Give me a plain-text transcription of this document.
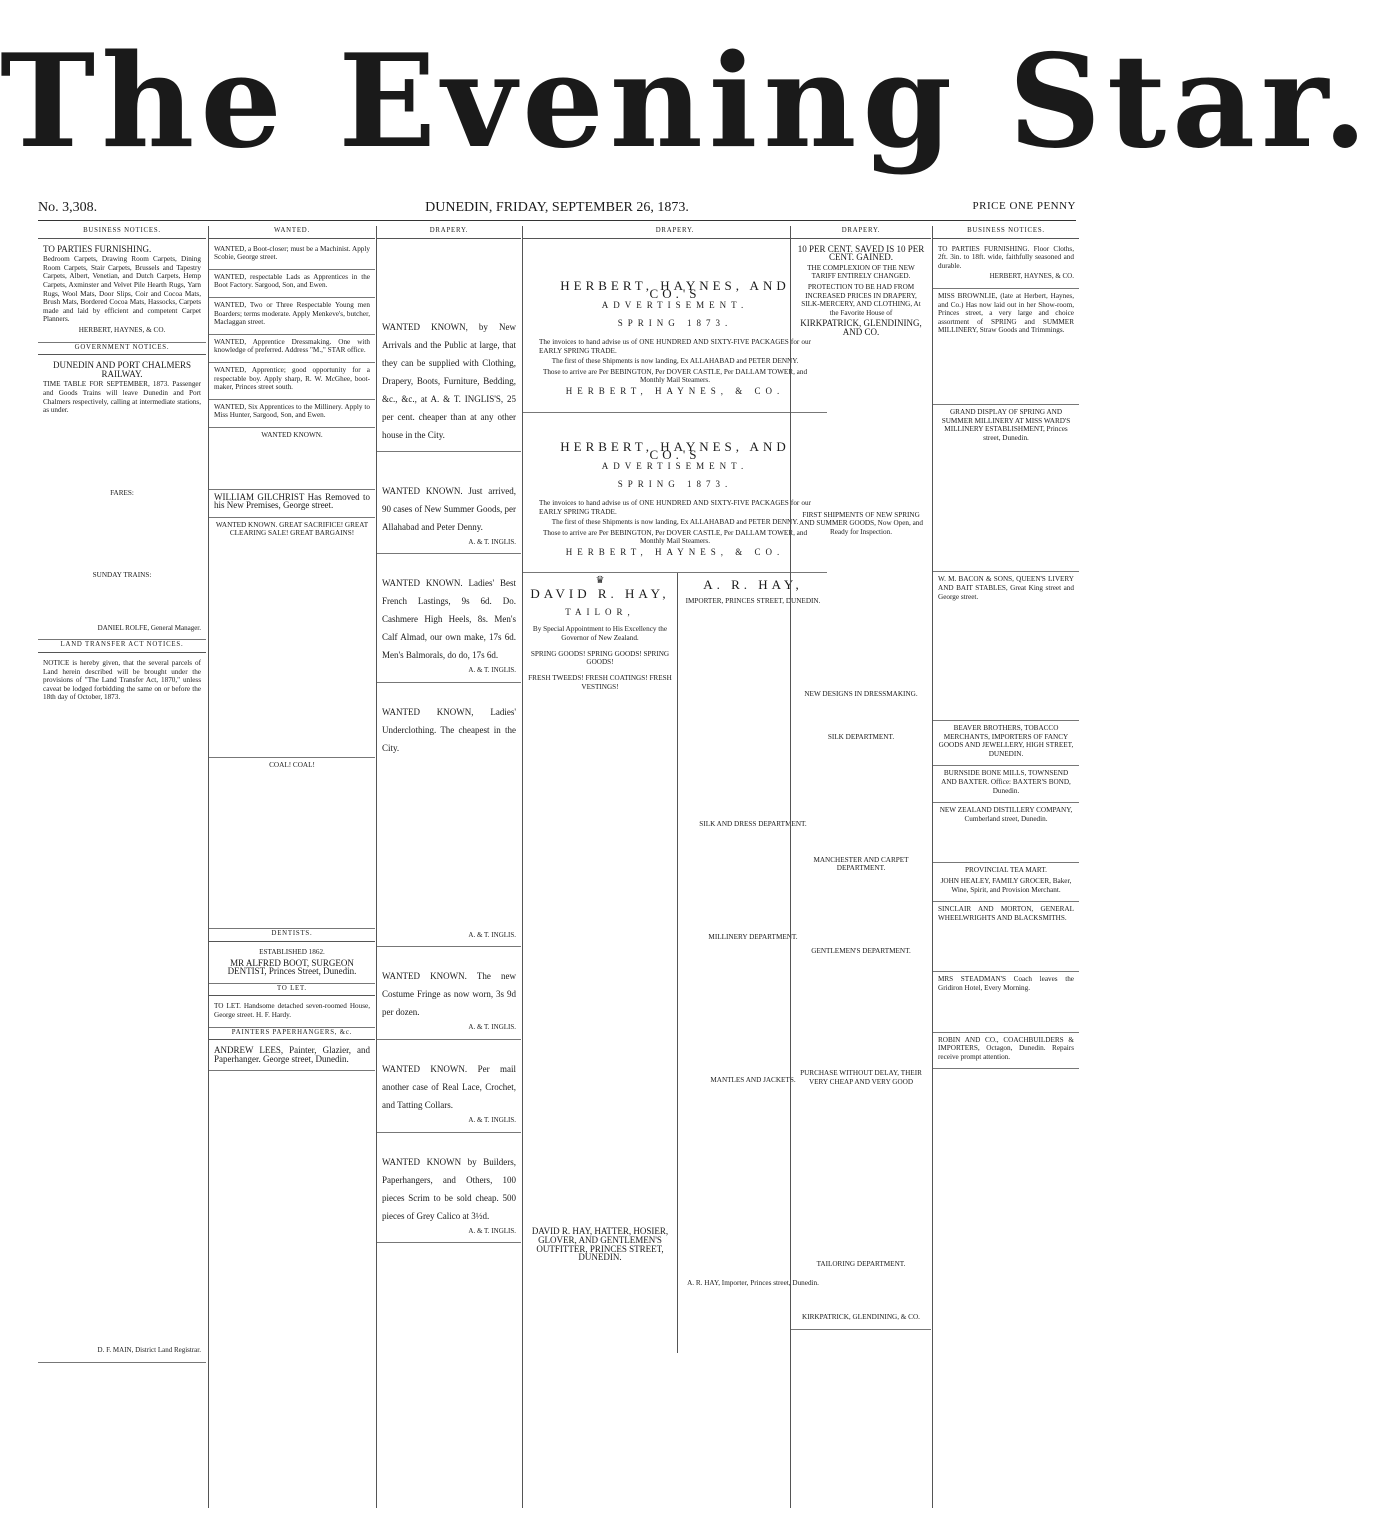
The Evening Star.
No. 3,308.	DUNEDIN, FRIDAY, SEPTEMBER 26, 1873.	PRICE ONE PENNY
BUSINESS NOTICES.

TO PARTIES FURNISHING.

Bedroom Carpets, Drawing Room Carpets, Dining Room Carpets, Stair Carpets, Brussels and Tapestry Carpets, Albert, Venetian, and Dutch Carpets, Hemp Carpets, Axminster and Velvet Pile Hearth Rugs, Yarn Rugs, Wool Mats, Door Slips, Coir and Cocoa Mats, Brush Mats, Bordered Cocoa Mats, Hassocks, Carpets made and laid by efficient and competent Carpet Planners.

HERBERT, HAYNES, & CO.

GOVERNMENT NOTICES.

DUNEDIN AND PORT CHALMERS RAILWAY.

TIME TABLE FOR SEPTEMBER, 1873. Passenger and Goods Trains will leave Dunedin and Port Chalmers respectively, calling at intermediate stations, as under.

FARES:

SUNDAY TRAINS:

DANIEL ROLFE, General Manager.

LAND TRANSFER ACT NOTICES.

NOTICE is hereby given, that the several parcels of Land herein described will be brought under the provisions of "The Land Transfer Act, 1870," unless caveat be lodged forbidding the same on or before the 18th day of October, 1873.

D. F. MAIN, District Land Registrar.

WANTED.

WANTED, a Boot-closer; must be a Machinist. Apply Scobie, George street.

WANTED, respectable Lads as Apprentices in the Boot Factory. Sargood, Son, and Ewen.

WANTED, Two or Three Respectable Young men Boarders; terms moderate. Apply Menkeve's, butcher, Maclaggan street.

WANTED, Apprentice Dressmaking. One with knowledge of preferred. Address "M.," STAR office.

WANTED, Apprentice; good opportunity for a respectable boy. Apply sharp, R. W. McGhee, boot-maker, Princes street south.

WANTED, Six Apprentices to the Millinery. Apply to Miss Hunter, Sargood, Son, and Ewen.

WANTED KNOWN.

WILLIAM GILCHRIST Has Removed to his New Premises, George street.

WANTED KNOWN. GREAT SACRIFICE! GREAT CLEARING SALE! GREAT BARGAINS!

COAL! COAL!

DENTISTS.

ESTABLISHED 1862.

MR ALFRED BOOT, SURGEON DENTIST, Princes Street, Dunedin.

TO LET.

TO LET. Handsome detached seven-roomed House, George street. H. F. Hardy.

PAINTERS PAPERHANGERS, &c.

ANDREW LEES, Painter, Glazier, and Paperhanger. George street, Dunedin.

DRAPERY.

WANTED KNOWN, by New Arrivals and the Public at large, that they can be supplied with Clothing, Drapery, Boots, Furniture, Bedding, &c., &c., at A. & T. INGLIS'S, 25 per cent. cheaper than at any other house in the City.

WANTED KNOWN. Just arrived, 90 cases of New Summer Goods, per Allahabad and Peter Denny.

A. & T. INGLIS.

WANTED KNOWN. Ladies' Best French Lastings, 9s 6d. Do. Cashmere High Heels, 8s. Men's Calf Almad, our own make, 17s 6d. Men's Balmorals, do do, 17s 6d.

A. & T. INGLIS.

WANTED KNOWN, Ladies' Underclothing. The cheapest in the City.

A. & T. INGLIS.

WANTED KNOWN. The new Costume Fringe as now worn, 3s 9d per dozen.

A. & T. INGLIS.

WANTED KNOWN. Per mail another case of Real Lace, Crochet, and Tatting Collars.

A. & T. INGLIS.

WANTED KNOWN by Builders, Paperhangers, and Others, 100 pieces Scrim to be sold cheap. 500 pieces of Grey Calico at 3½d.

A. & T. INGLIS.

DRAPERY.

HERBERT, HAYNES, AND CO.'S

ADVERTISEMENT.

SPRING 1873.

The invoices to hand advise us of ONE HUNDRED AND SIXTY-FIVE PACKAGES for our EARLY SPRING TRADE.

The first of these Shipments is now landing, Ex ALLAHABAD and PETER DENNY.

Those to arrive are Per BEBINGTON, Per DOVER CASTLE, Per DALLAM TOWER, and Monthly Mail Steamers.

HERBERT, HAYNES, & CO.

HERBERT, HAYNES, AND CO.'S

ADVERTISEMENT.

SPRING 1873.

The invoices to hand advise us of ONE HUNDRED AND SIXTY-FIVE PACKAGES for our EARLY SPRING TRADE.

The first of these Shipments is now landing, Ex ALLAHABAD and PETER DENNY.

Those to arrive are Per BEBINGTON, Per DOVER CASTLE, Per DALLAM TOWER, and Monthly Mail Steamers.

HERBERT, HAYNES, & CO.

♛

DAVID R. HAY,

TAILOR,

By Special Appointment to His Excellency the Governor of New Zealand.

SPRING GOODS! SPRING GOODS! SPRING GOODS!

FRESH TWEEDS! FRESH COATINGS! FRESH VESTINGS!

DAVID R. HAY, HATTER, HOSIER, GLOVER, AND GENTLEMEN'S OUTFITTER, PRINCES STREET, DUNEDIN.

A. R. HAY,

IMPORTER, PRINCES STREET, DUNEDIN.

SILK AND DRESS DEPARTMENT.

MILLINERY DEPARTMENT.

MANTLES AND JACKETS.

A. R. HAY, Importer, Princes street, Dunedin.

DRAPERY.

10 PER CENT. SAVED IS 10 PER CENT. GAINED.

THE COMPLEXION OF THE NEW TARIFF ENTIRELY CHANGED.

PROTECTION TO BE HAD FROM INCREASED PRICES IN DRAPERY, SILK-MERCERY, AND CLOTHING, At the Favorite House of

KIRKPATRICK, GLENDINING, AND CO.

FIRST SHIPMENTS OF NEW SPRING AND SUMMER GOODS, Now Open, and Ready for Inspection.

NEW DESIGNS IN DRESSMAKING.

SILK DEPARTMENT.

MANCHESTER AND CARPET DEPARTMENT.

GENTLEMEN'S DEPARTMENT.

PURCHASE WITHOUT DELAY, THEIR VERY CHEAP AND VERY GOOD

TAILORING DEPARTMENT.

KIRKPATRICK, GLENDINING, & CO.

BUSINESS NOTICES.

TO PARTIES FURNISHING. Floor Cloths, 2ft. 3in. to 18ft. wide, faithfully seasoned and durable.

HERBERT, HAYNES, & CO.

MISS BROWNLIE, (late at Herbert, Haynes, and Co.) Has now laid out in her Show-room, Princes street, a very large and choice assortment of SPRING and SUMMER MILLINERY, Straw Goods and Trimmings.

GRAND DISPLAY OF SPRING AND SUMMER MILLINERY AT MISS WARD'S MILLINERY ESTABLISHMENT, Princes street, Dunedin.

W. M. BACON & SONS, QUEEN'S LIVERY AND BAIT STABLES, Great King street and George street.

BEAVER BROTHERS, TOBACCO MERCHANTS, IMPORTERS OF FANCY GOODS AND JEWELLERY, HIGH STREET, DUNEDIN.

BURNSIDE BONE MILLS, TOWNSEND AND BAXTER. Office: BAXTER'S BOND, Dunedin.

NEW ZEALAND DISTILLERY COMPANY, Cumberland street, Dunedin.

PROVINCIAL TEA MART.

JOHN HEALEY, FAMILY GROCER, Baker, Wine, Spirit, and Provision Merchant.

SINCLAIR AND MORTON, GENERAL WHEELWRIGHTS AND BLACKSMITHS.

MRS STEADMAN'S Coach leaves the Gridiron Hotel, Every Morning.

ROBIN AND CO., COACHBUILDERS & IMPORTERS, Octagon, Dunedin. Repairs receive prompt attention.
